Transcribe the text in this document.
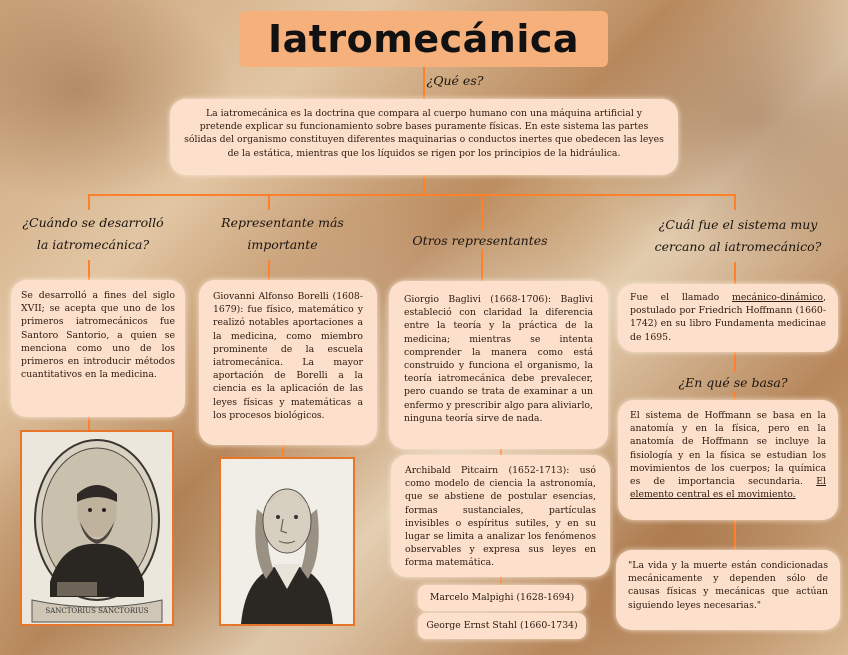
Iatromecánica
¿Qué es?
La iatromecánica es la doctrina que compara al cuerpo humano con una máquina artificial y pretende explicar su funcionamiento sobre bases puramente físicas. En este sistema las partes sólidas del organismo constituyen diferentes maquinarias o conductos inertes que obedecen las leyes de la estática, mientras que los líquidos se rigen por los principios de la hidráulica.
¿Cuándo se desarrolló
la iatromecánica?
Se desarrolló a fines del siglo XVII; se acepta que uno de los primeros iatromecánicos fue Santoro Santorio, a quien se menciona como uno de los primeros en introducir métodos cuantitativos en la medicina.
SANCTORIUS SANCTORIUS
Representante más
importante
Giovanni Alfonso Borelli (1608-1679): fue físico, matemático y realizó notables aportaciones a la medicina, como miembro prominente de la escuela iatromecánica. La mayor aportación de Borelli a la ciencia es la aplicación de las leyes físicas y matemáticas a los procesos biológicos.
Otros representantes
Giorgio Baglivi (1668-1706): Baglivi estableció con claridad la diferencia entre la teoría y la práctica de la medicina; mientras se intenta comprender la manera como está construido y funciona el organismo, la teoría iatromecánica debe prevalecer, pero cuando se trata de examinar a un enfermo y prescribir algo para aliviarlo, ninguna teoría sirve de nada.
Archibald Pitcairn (1652-1713): usó como modelo de ciencia la astronomía, que se abstiene de postular esencias, formas sustanciales, partículas invisibles o espíritus sutiles, y en su lugar se limita a analizar los fenómenos observables y expresa sus leyes en forma matemática.
Marcelo Malpighi (1628-1694)
George Ernst Stahl (1660-1734)
¿Cuál fue el sistema muy
cercano al iatromecánico?
Fue el llamado mecánico-dinámico, postulado por Friedrich Hoffmann (1660-1742) en su libro Fundamenta medicinae de 1695.
¿En qué se basa?
El sistema de Hoffmann se basa en la anatomía y en la física, pero en la anatomía de Hoffmann se incluye la fisiología y en la física se estudian los movimientos de los cuerpos; la química es de importancia secundaria. El elemento central es el movimiento.
"La vida y la muerte están condicionadas mecánicamente y dependen sólo de causas físicas y mecánicas que actúan siguiendo leyes necesarias."
